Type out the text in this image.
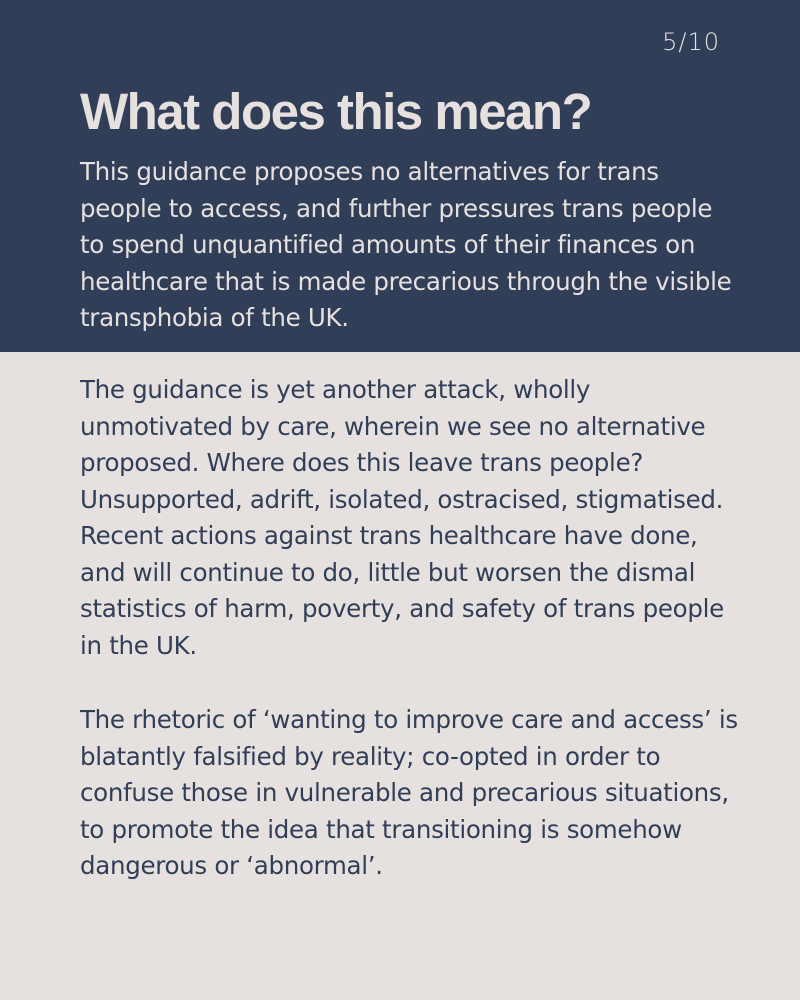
5/10
What does this mean?

This guidance proposes no alternatives for trans people to access, and further pressures trans people to spend unquantified amounts of their finances on healthcare that is made precarious through the visible transphobia of the UK.

The guidance is yet another attack, wholly unmotivated by care, wherein we see no alternative proposed. Where does this leave trans people? Unsupported, adrift, isolated, ostracised, stigmatised. Recent actions against trans healthcare have done, and will continue to do, little but worsen the dismal statistics of harm, poverty, and safety of trans people in the UK.

The rhetoric of ‘wanting to improve care and access’ is blatantly falsified by reality; co-opted in order to confuse those in vulnerable and precarious situations, to promote the idea that transitioning is somehow dangerous or ‘abnormal’.
